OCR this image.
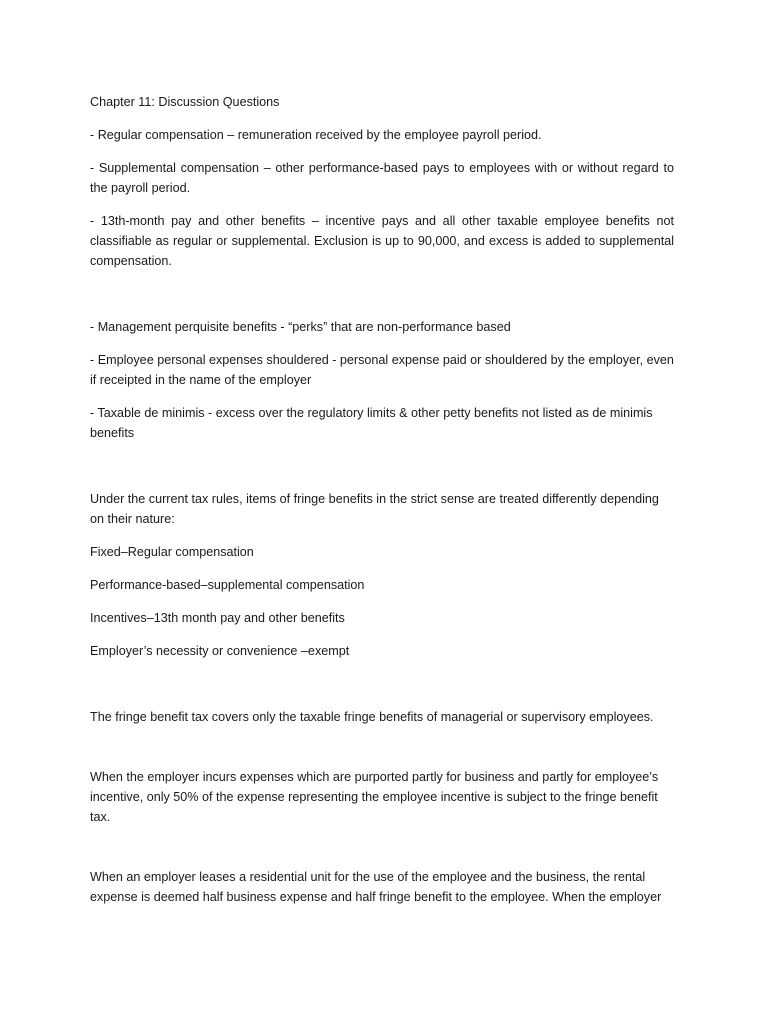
Chapter 11: Discussion Questions

- Regular compensation – remuneration received by the employee payroll period.

- Supplemental compensation – other performance-based pays to employees with or without regard to the payroll period.

- 13th-month pay and other benefits – incentive pays and all other taxable employee benefits not classifiable as regular or supplemental. Exclusion is up to 90,000, and excess is added to supplemental compensation.

- Management perquisite benefits - “perks” that are non-performance based

- Employee personal expenses shouldered - personal expense paid or shouldered by the employer, even if receipted in the name of the employer

- Taxable de minimis - excess over the regulatory limits & other petty benefits not listed as de minimis benefits

Under the current tax rules, items of fringe benefits in the strict sense are treated differently depending on their nature:

Fixed–Regular compensation

Performance-based–supplemental compensation

Incentives–13th month pay and other benefits

Employer’s necessity or convenience –exempt

The fringe benefit tax covers only the taxable fringe benefits of managerial or supervisory employees.

When the employer incurs expenses which are purported partly for business and partly for employee’s incentive, only 50% of the expense representing the employee incentive is subject to the fringe benefit tax.

When an employer leases a residential unit for the use of the employee and the business, the rental expense is deemed half business expense and half fringe benefit to the employee. When the employer
